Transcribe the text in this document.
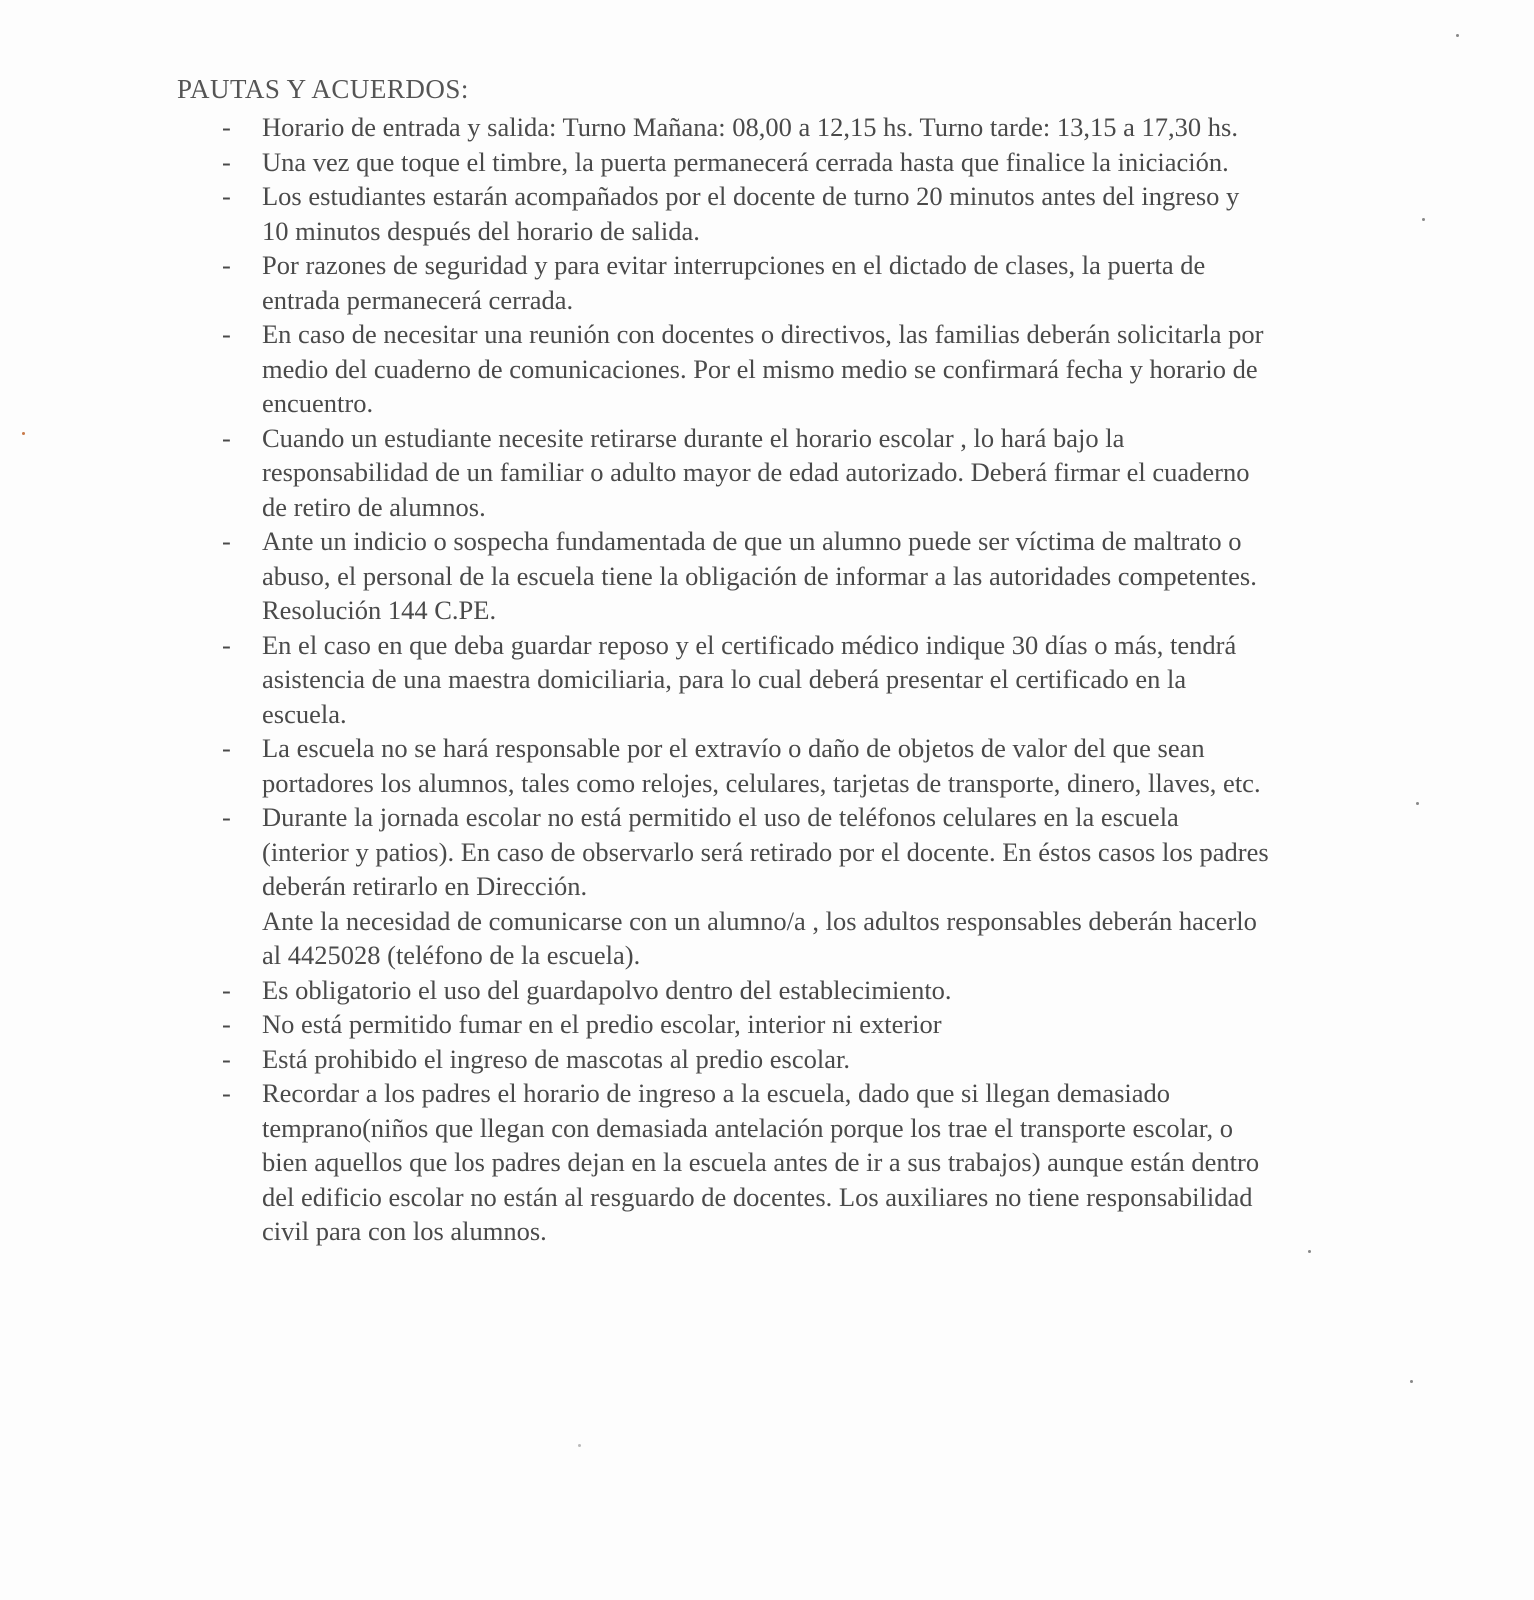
PAUTAS Y ACUERDOS:
-	Horario de entrada y salida: Turno Mañana: 08,00 a 12,15 hs. Turno tarde: 13,15 a 17,30 hs.
-	Una vez que toque el timbre, la puerta permanecerá cerrada hasta que finalice la iniciación.
-	Los estudiantes estarán acompañados por el docente de turno 20 minutos antes del ingreso y 10 minutos después del horario de salida.
-	Por razones de seguridad y para evitar interrupciones en el dictado de clases, la puerta de entrada permanecerá cerrada.
-	En caso de necesitar una reunión con docentes o directivos, las familias deberán solicitarla por medio del cuaderno de comunicaciones. Por el mismo medio se confirmará fecha y horario de encuentro.
-	Cuando un estudiante necesite retirarse durante el horario escolar , lo hará bajo la responsabilidad de un familiar o adulto mayor de edad autorizado. Deberá firmar el cuaderno de retiro de alumnos.
-	Ante un indicio o sospecha fundamentada de que un alumno puede ser víctima de maltrato o abuso, el personal de la escuela tiene la obligación de informar a las autoridades competentes. Resolución 144 C.PE.
-	En el caso en que deba guardar reposo y el certificado médico indique 30 días o más, tendrá asistencia de una maestra domiciliaria, para lo cual deberá presentar el certificado en la escuela.
-	La escuela no se hará responsable por el extravío o daño de objetos de valor del que sean portadores los alumnos, tales como relojes, celulares, tarjetas de transporte, dinero, llaves, etc.
-	Durante la jornada escolar no está permitido el uso de teléfonos celulares en la escuela (interior y patios). En caso de observarlo será retirado por el docente. En éstos casos los padres deberán retirarlo en Dirección.
Ante la necesidad de comunicarse con un alumno/a , los adultos responsables deberán hacerlo al 4425028 (teléfono de la escuela).
-	Es obligatorio el uso del guardapolvo dentro del establecimiento.
-	No está permitido fumar en el predio escolar, interior ni exterior
-	Está prohibido el ingreso de mascotas al predio escolar.
-	Recordar a los padres el horario de ingreso a la escuela, dado que si llegan demasiado temprano(niños que llegan con demasiada antelación porque los trae el transporte escolar, o bien aquellos que los padres dejan en la escuela antes de ir a sus trabajos) aunque están dentro del edificio escolar no están al resguardo de docentes. Los auxiliares no tiene responsabilidad civil para con los alumnos.
